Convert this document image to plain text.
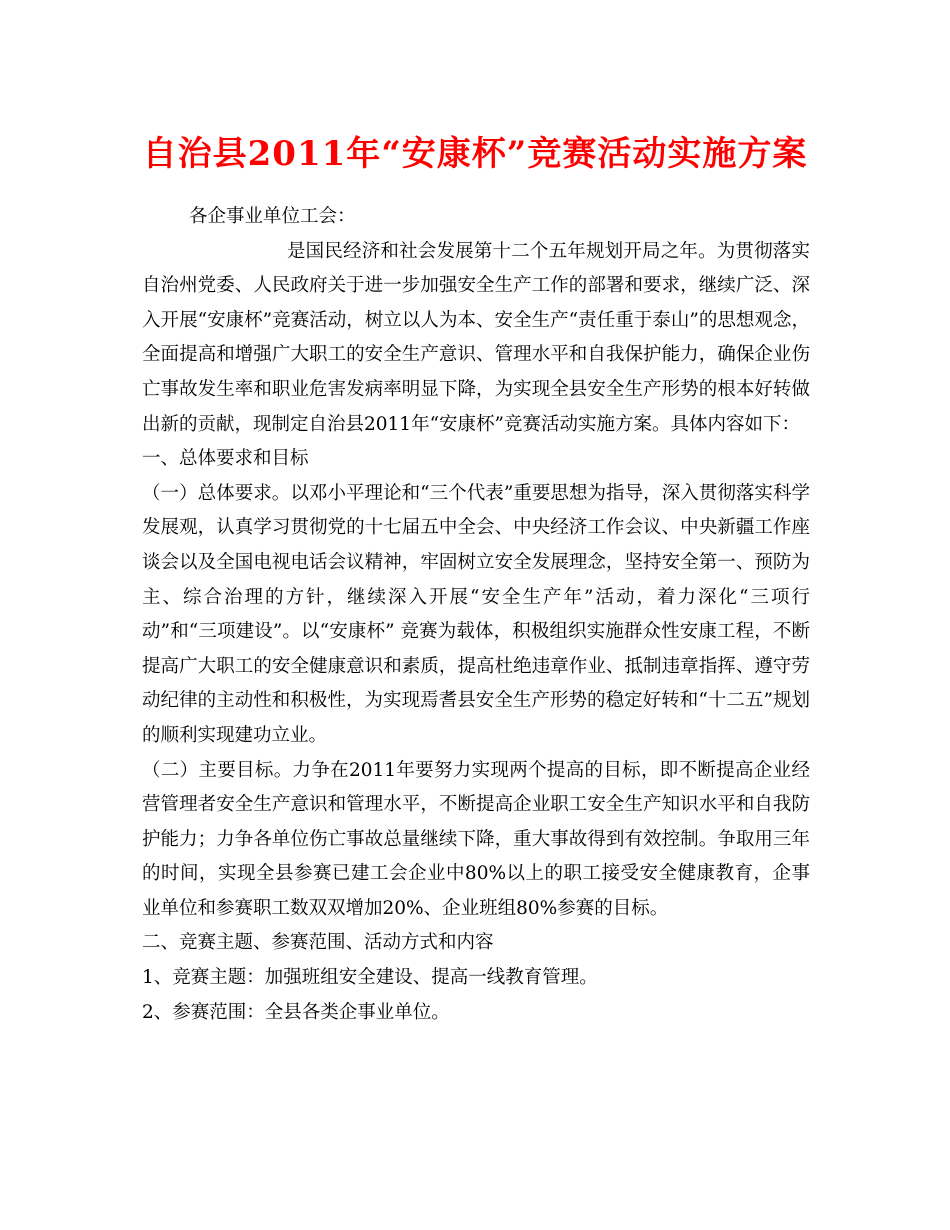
自治县2011年“安康杯”竞赛活动实施方案

各企事业单位工会：

是国民经济和社会发展第十二个五年规划开局之年。为贯彻落实自治州党委、人民政府关于进一步加强安全生产工作的部署和要求，继续广泛、深入开展“安康杯”竞赛活动，树立以人为本、安全生产“责任重于泰山”的思想观念，全面提高和增强广大职工的安全生产意识、管理水平和自我保护能力，确保企业伤亡事故发生率和职业危害发病率明显下降，为实现全县安全生产形势的根本好转做出新的贡献，现制定自治县2011年“安康杯”竞赛活动实施方案。具体内容如下：

一、总体要求和目标

（一）总体要求。以邓小平理论和“三个代表”重要思想为指导，深入贯彻落实科学发展观，认真学习贯彻党的十七届五中全会、中央经济工作会议、中央新疆工作座谈会以及全国电视电话会议精神，牢固树立安全发展理念，坚持安全第一、预防为主、综合治理的方针，继续深入开展“安全生产年”活动，着力深化“三项行动”和“三项建设”。以“安康杯” 竞赛为载体，积极组织实施群众性安康工程，不断提高广大职工的安全健康意识和素质，提高杜绝违章作业、抵制违章指挥、遵守劳动纪律的主动性和积极性，为实现焉耆县安全生产形势的稳定好转和“十二五”规划的顺利实现建功立业。

（二）主要目标。力争在2011年要努力实现两个提高的目标，即不断提高企业经营管理者安全生产意识和管理水平，不断提高企业职工安全生产知识水平和自我防护能力；力争各单位伤亡事故总量继续下降，重大事故得到有效控制。争取用三年的时间，实现全县参赛已建工会企业中80%以上的职工接受安全健康教育，企事业单位和参赛职工数双双增加20%、企业班组80%参赛的目标。

二、竞赛主题、参赛范围、活动方式和内容

1、竞赛主题：加强班组安全建设、提高一线教育管理。

2、参赛范围：全县各类企事业单位。
